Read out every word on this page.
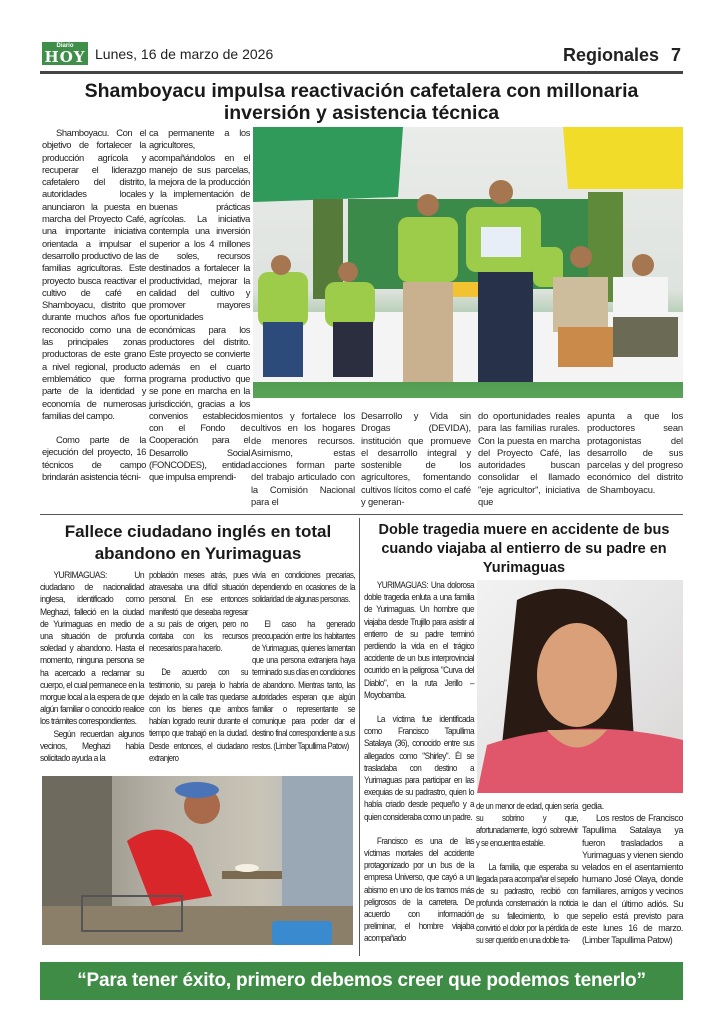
Diario
HOY Lunes, 16 de marzo de 2026	Regionales 7
Shamboyacu impulsa reactivación cafetalera con millonaria inversión y asistencia técnica

Shamboyacu. Con el objetivo de fortalecer la producción agrícola y recuperar el liderazgo cafetalero del distrito, autoridades locales anunciaron la puesta en marcha del Proyecto Café, una importante iniciativa orientada a impulsar el desarrollo productivo de las familias agricultoras. Este proyecto busca reactivar el cultivo de café en Shamboyacu, distrito que durante muchos años fue reconocido como una de las principales zonas productoras de este grano a nivel regional, producto emblemático que forma parte de la identidad y economía de numerosas familias del campo.

Como parte de la ejecución del proyecto, 16 técnicos de campo brindarán asistencia técni-

ca permanente a los agricultores, acompañándolos en el manejo de sus parcelas, la mejora de la producción y la implementación de buenas prácticas agrícolas. La iniciativa contempla una inversión superior a los 4 millones de soles, recursos destinados a fortalecer la productividad, mejorar la calidad del cultivo y promover mayores oportunidades económicas para los productores del distrito. Este proyecto se convierte además en el cuarto programa productivo que se pone en marcha en la jurisdicción, gracias a los convenios establecidos con el Fondo de Cooperación para el Desarrollo Social (FONCODES), entidad que impulsa emprendi-

mientos y fortalece los cultivos en los hogares de menores recursos. Asimismo, estas acciones forman parte del trabajo articulado con la Comisión Nacional para el

Desarrollo y Vida sin Drogas (DEVIDA), institución que promueve el desarrollo integral y sostenible de los agricultores, fomentando cultivos lícitos como el café y generan-

do oportunidades reales para las familias rurales. Con la puesta en marcha del Proyecto Café, las autoridades buscan consolidar el llamado "eje agricultor", iniciativa que

apunta a que los productores sean protagonistas del desarrollo de sus parcelas y del progreso económico del distrito de Shamboyacu.

Fallece ciudadano inglés en total abandono en Yurimaguas

YURIMAGUAS: Un ciudadano de nacionalidad inglesa, identificado como Meghazi, falleció en la ciudad de Yurimaguas en medio de una situación de profunda soledad y abandono. Hasta el momento, ninguna persona se ha acercado a reclamar su cuerpo, el cual permanece en la morgue local a la espera de que algún familiar o conocido realice los trámites correspondientes.

Según recuerdan algunos vecinos, Meghazi había solicitado ayuda a la

población meses atrás, pues atravesaba una difícil situación personal. En ese entonces manifestó que deseaba regresar a su país de origen, pero no contaba con los recursos necesarios para hacerlo.

De acuerdo con su testimonio, su pareja lo habría dejado en la calle tras quedarse con los bienes que ambos habían logrado reunir durante el tiempo que trabajó en la ciudad. Desde entonces, el ciudadano extranjero

vivía en condiciones precarias, dependiendo en ocasiones de la solidaridad de algunas personas.

El caso ha generado preocupación entre los habitantes de Yurimaguas, quienes lamentan que una persona extranjera haya terminado sus días en condiciones de abandono. Mientras tanto, las autoridades esperan que algún familiar o representante se comunique para poder dar el destino final correspondiente a sus restos. (Limber Tapullima Patow)

Doble tragedia muere en accidente de bus cuando viajaba al entierro de su padre en Yurimaguas

YURIMAGUAS: Una dolorosa doble tragedia enluta a una familia de Yurimaguas. Un hombre que viajaba desde Trujillo para asistir al entierro de su padre terminó perdiendo la vida en el trágico accidente de un bus interprovincial ocurrido en la peligrosa "Curva del Diablo", en la ruta Jerillo – Moyobamba.

La víctima fue identificada como Francisco Tapullima Satalaya (36), conocido entre sus allegados como "Shirley". Él se trasladaba con destino a Yurimaguas para participar en las exequias de su padrastro, quien lo había criado desde pequeño y a quien consideraba como un padre.

Francisco es una de las víctimas mortales del accidente protagonizado por un bus de la empresa Universo, que cayó a un abismo en uno de los tramos más peligrosos de la carretera. De acuerdo con información preliminar, el hombre viajaba acompañado

de un menor de edad, quien sería su sobrino y que, afortunadamente, logró sobrevivir y se encuentra estable.

La familia, que esperaba su llegada para acompañar el sepelio de su padrastro, recibió con profunda consternación la noticia de su fallecimiento, lo que convirtió el dolor por la pérdida de su ser querido en una doble tra-

gedia.

Los restos de Francisco Tapullima Satalaya ya fueron trasladados a Yurimaguas y vienen siendo velados en el asentamiento humano José Olaya, donde familiares, amigos y vecinos le dan el último adiós. Su sepelio está previsto para este lunes 16 de marzo. (Limber Tapullima Patow)

“Para tener éxito, primero debemos creer que podemos tenerlo”
